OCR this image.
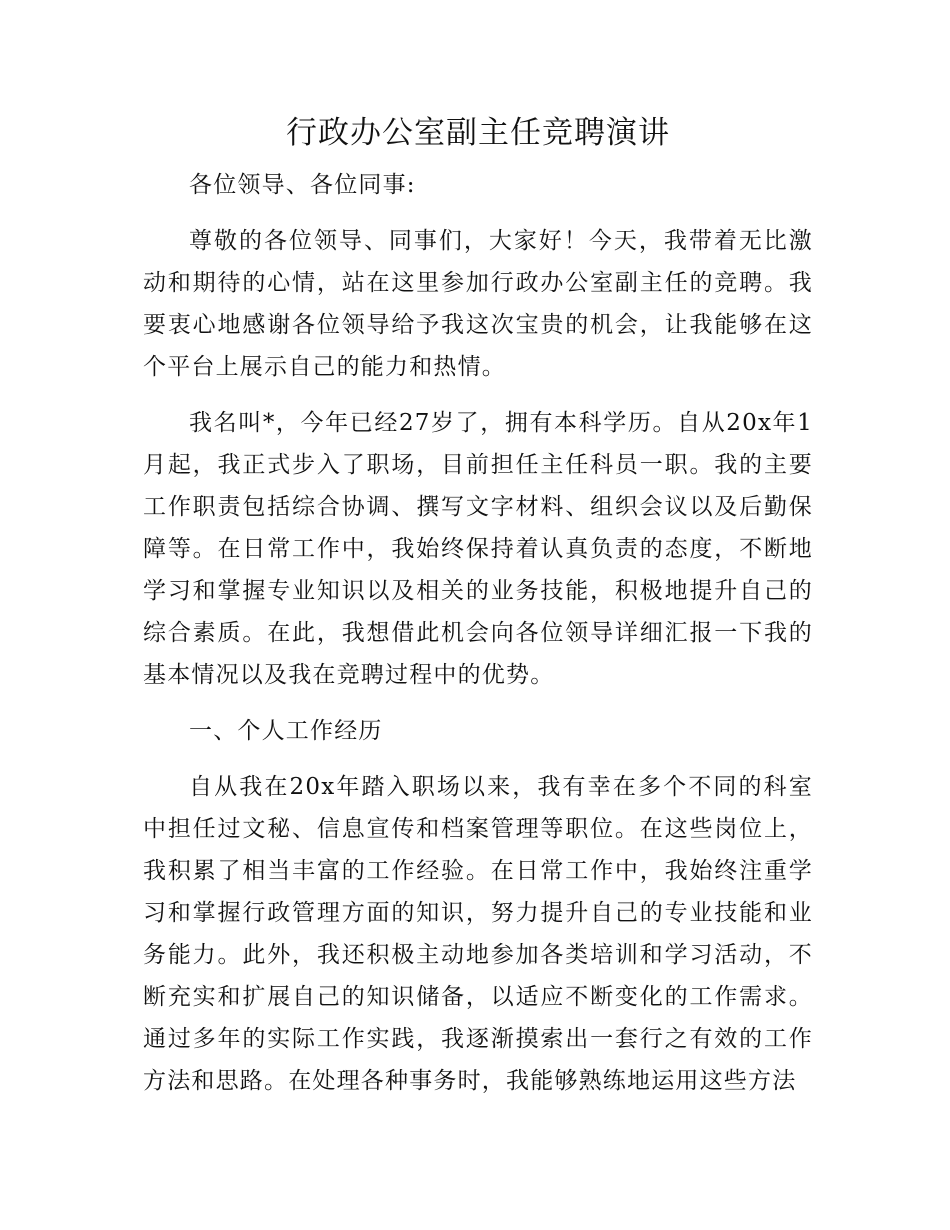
行政办公室副主任竞聘演讲

各位领导、各位同事:

尊敬的各位领导、同事们，大家好！今天，我带着无比激动和期待的心情，站在这里参加行政办公室副主任的竞聘。我要衷心地感谢各位领导给予我这次宝贵的机会，让我能够在这个平台上展示自己的能力和热情。

我名叫*，今年已经27岁了，拥有本科学历。自从20x年1月起，我正式步入了职场，目前担任主任科员一职。我的主要工作职责包括综合协调、撰写文字材料、组织会议以及后勤保障等。在日常工作中，我始终保持着认真负责的态度，不断地学习和掌握专业知识以及相关的业务技能，积极地提升自己的综合素质。在此，我想借此机会向各位领导详细汇报一下我的基本情况以及我在竞聘过程中的优势。

一、个人工作经历

自从我在20x年踏入职场以来，我有幸在多个不同的科室中担任过文秘、信息宣传和档案管理等职位。在这些岗位上，我积累了相当丰富的工作经验。在日常工作中，我始终注重学习和掌握行政管理方面的知识，努力提升自己的专业技能和业务能力。此外，我还积极主动地参加各类培训和学习活动，不断充实和扩展自己的知识储备，以适应不断变化的工作需求。通过多年的实际工作实践，我逐渐摸索出一套行之有效的工作方法和思路。在处理各种事务时，我能够熟练地运用这些方法
